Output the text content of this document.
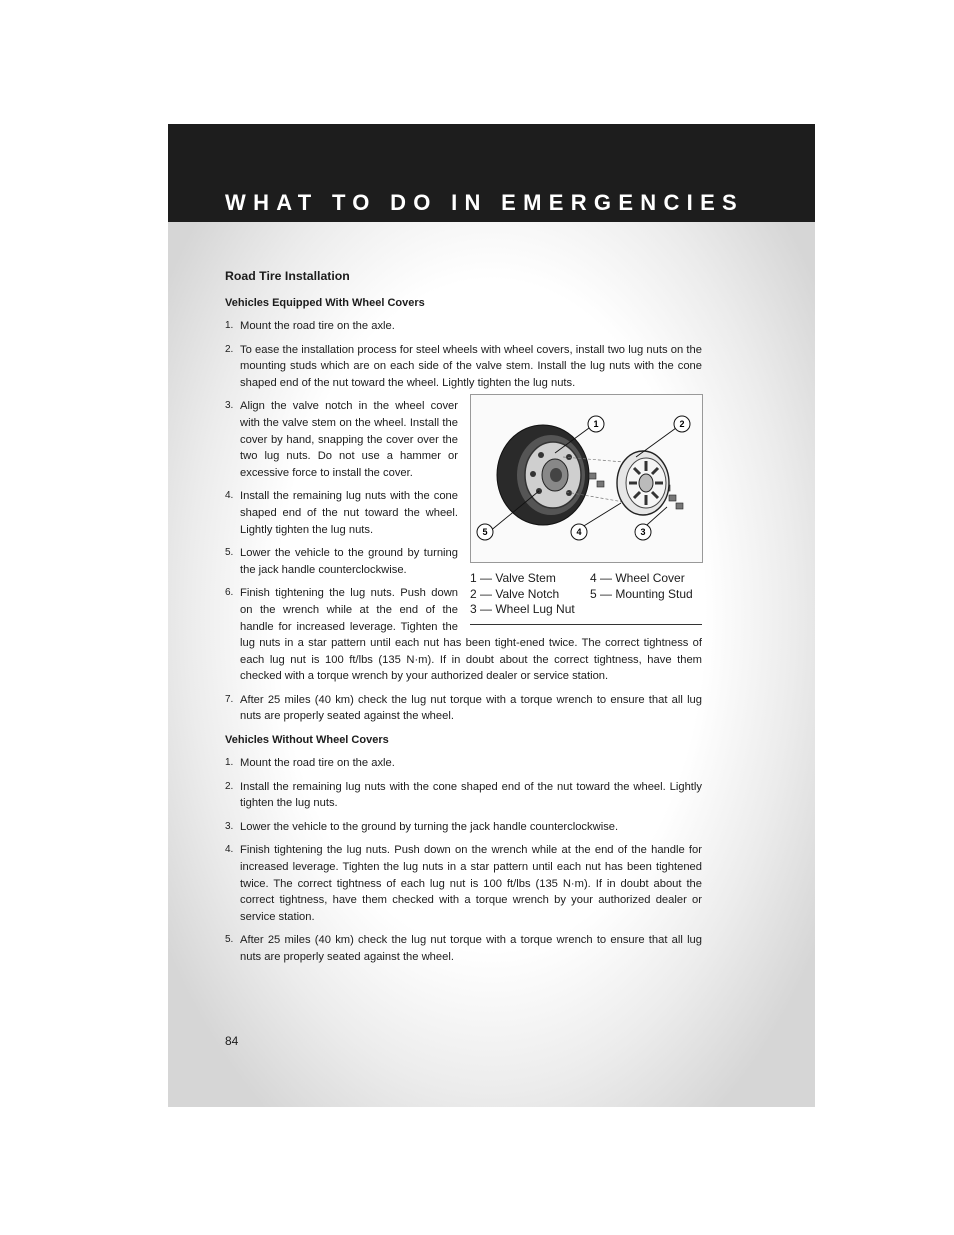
WHAT TO DO IN EMERGENCIES
Road Tire Installation
Vehicles Equipped With Wheel Covers
1. Mount the road tire on the axle.
2. To ease the installation process for steel wheels with wheel covers, install two lug nuts on the mounting studs which are on each side of the valve stem. Install the lug nuts with the cone shaped end of the nut toward the wheel. Lightly tighten the lug nuts.
1	2
3
4
5
1 — Valve Stem	4 — Wheel Cover
2 — Valve Notch	5 — Mounting Stud
3 — Wheel Lug Nut
3. Align the valve notch in the wheel cover with the valve stem on the wheel. Install the cover by hand, snapping the cover over the two lug nuts. Do not use a hammer or excessive force to install the cover.
4. Install the remaining lug nuts with the cone shaped end of the nut toward the wheel. Lightly tighten the lug nuts.
5. Lower the vehicle to the ground by turning the jack handle counterclockwise.
6. Finish tightening the lug nuts. Push down on the wrench while at the end of the handle for increased leverage. Tighten the lug nuts in a star pattern until each nut has been tight-ened twice. The correct tightness of each lug nut is 100 ft/lbs (135 N·m). If in doubt about the correct tightness, have them checked with a torque wrench by your authorized dealer or service station.
7. After 25 miles (40 km) check the lug nut torque with a torque wrench to ensure that all lug nuts are properly seated against the wheel.
Vehicles Without Wheel Covers
1. Mount the road tire on the axle.
2. Install the remaining lug nuts with the cone shaped end of the nut toward the wheel. Lightly tighten the lug nuts.
3. Lower the vehicle to the ground by turning the jack handle counterclockwise.
4. Finish tightening the lug nuts. Push down on the wrench while at the end of the handle for increased leverage. Tighten the lug nuts in a star pattern until each nut has been tightened twice. The correct tightness of each lug nut is 100 ft/lbs (135 N·m). If in doubt about the correct tightness, have them checked with a torque wrench by your authorized dealer or service station.
5. After 25 miles (40 km) check the lug nut torque with a torque wrench to ensure that all lug nuts are properly seated against the wheel.
84
